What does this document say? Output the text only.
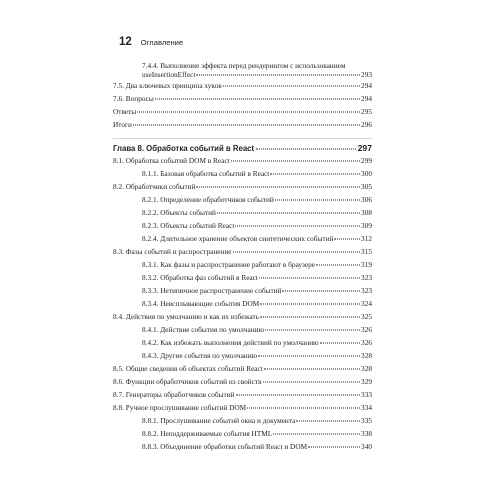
12 Оглавление
7.4.4. Выполнение эффекта перед рендерингом с использованием
useInsertionEffect	293
7.5. Два ключевых принципа хуков	294
7.6. Вопросы	294
Ответы	295
Итоги	296
Глава 8. Обработка событий в React	297
8.1. Обработка событий DOM в React	299
8.1.1. Базовая обработка событий в React	300
8.2. Обработчики событий	305
8.2.1. Определение обработчиков событий	306
8.2.2. Объекты событий	308
8.2.3. Объекты событий React	309
8.2.4. Длительное хранение объектов синтетических событий	312
8.3. Фазы событий и распространение	315
8.3.1. Как фазы и распространение работают в браузере	319
8.3.2. Обработка фаз событий в React	323
8.3.3. Нетипичное распространение событий	323
8.3.4. Невсплывающие события DOM	324
8.4. Действия по умолчанию и как их избежать	325
8.4.1. Действие события по умолчанию	326
8.4.2. Как избежать выполнения действий по умолчанию	326
8.4.3. Другие события по умолчанию	328
8.5. Общие сведения об объектах событий React	328
8.6. Функции обработчиков событий из свойств	329
8.7. Генераторы обработчиков событий	333
8.8. Ручное прослушивание событий DOM	334
8.8.1. Прослушивание событий окна и документа	335
8.8.2. Неподдерживаемые события HTML	338
8.8.3. Объединение обработки событий React и DOM	340
